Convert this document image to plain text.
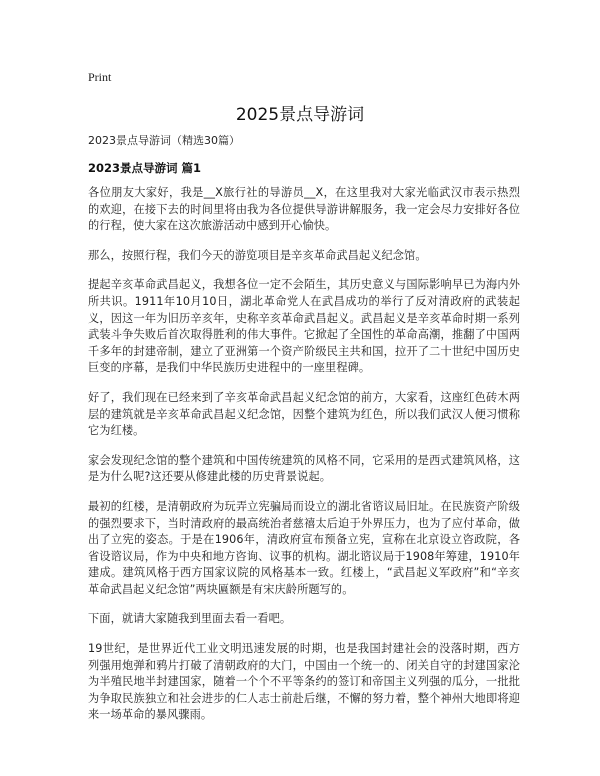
Print
2025景点导游词
2023景点导游词（精选30篇）
2023景点导游词 篇1

各位朋友大家好，我是__X旅行社的导游员__X，在这里我对大家光临武汉市表示热烈的欢迎，在接下去的时间里将由我为各位提供导游讲解服务，我一定会尽力安排好各位的行程，使大家在这次旅游活动中感到开心愉快。

那么，按照行程，我们今天的游览项目是辛亥革命武昌起义纪念馆。

提起辛亥革命武昌起义，我想各位一定不会陌生，其历史意义与国际影响早已为海内外所共识。1911年10月10日，湖北革命党人在武昌成功的举行了反对清政府的武装起义，因这一年为旧历辛亥年，史称辛亥革命武昌起义。武昌起义是辛亥革命时期一系列武装斗争失败后首次取得胜利的伟大事件。它掀起了全国性的革命高潮，推翻了中国两千多年的封建帝制，建立了亚洲第一个资产阶级民主共和国，拉开了二十世纪中国历史巨变的序幕，是我们中华民族历史进程中的一座里程碑。

好了，我们现在已经来到了辛亥革命武昌起义纪念馆的前方，大家看，这座红色砖木两层的建筑就是辛亥革命武昌起义纪念馆，因整个建筑为红色，所以我们武汉人便习惯称它为红楼。

家会发现纪念馆的整个建筑和中国传统建筑的风格不同，它采用的是西式建筑风格，这是为什么呢?这还要从修建此楼的历史背景说起。

最初的红楼，是清朝政府为玩弄立宪骗局而设立的湖北省谘议局旧址。在民族资产阶级的强烈要求下，当时清政府的最高统治者慈禧太后迫于外界压力，也为了应付革命，做出了立宪的姿态。于是在1906年，清政府宣布预备立宪，宣称在北京设立咨政院，各省设谘议局，作为中央和地方咨询、议事的机构。湖北谘议局于1908年筹建，1910年建成。建筑风格于西方国家议院的风格基本一致。红楼上，“武昌起义军政府”和“辛亥革命武昌起义纪念馆”两块匾额是有宋庆龄所题写的。

下面，就请大家随我到里面去看一看吧。

19世纪，是世界近代工业文明迅速发展的时期，也是我国封建社会的没落时期，西方列强用炮弹和鸦片打破了清朝政府的大门，中国由一个统一的、闭关自守的封建国家沦为半殖民地半封建国家，随着一个个不平等条约的签订和帝国主义列强的瓜分，一批批为争取民族独立和社会进步的仁人志士前赴后继，不懈的努力着，整个神州大地即将迎来一场革命的暴风骤雨。
